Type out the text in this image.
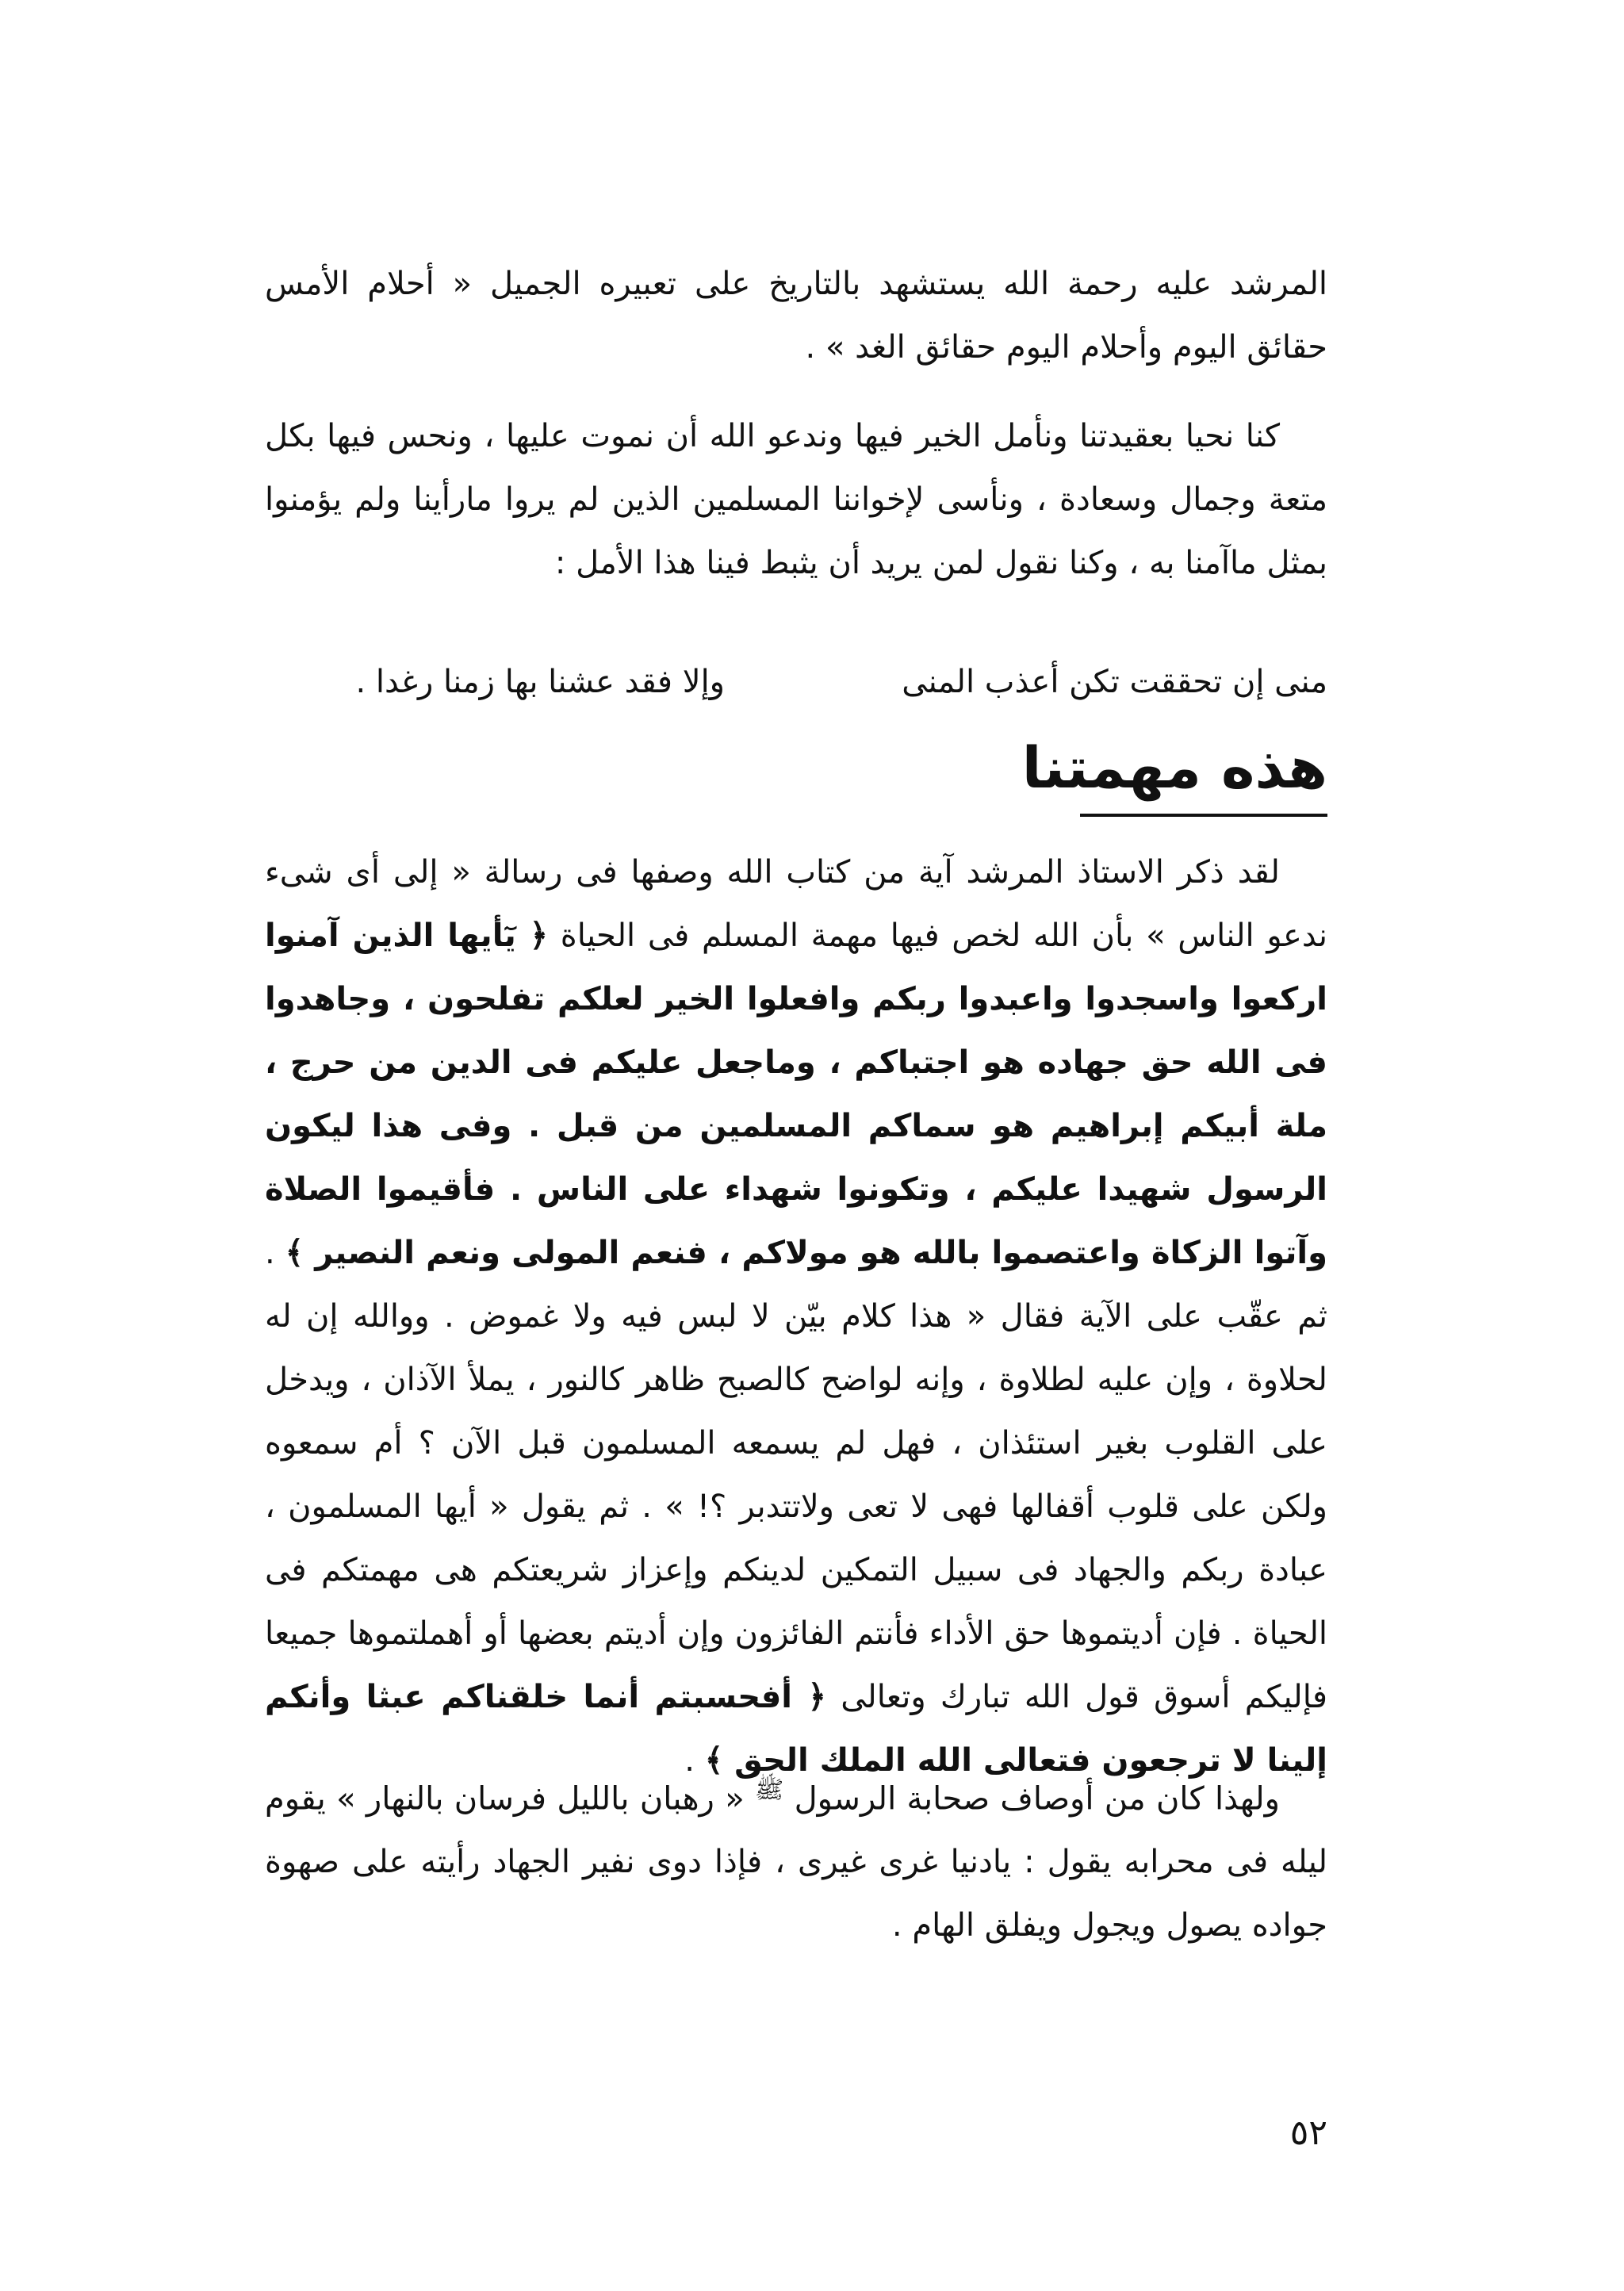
المرشد عليه رحمة الله يستشهد بالتاريخ على تعبيره الجميل « أحلام الأمس حقائق اليوم وأحلام اليوم حقائق الغد » .

كنا نحيا بعقيدتنا ونأمل الخير فيها وندعو الله أن نموت عليها ، ونحس فيها بكل متعة وجمال وسعادة ، ونأسى لإخواننا المسلمين الذين لم يروا مارأينا ولم يؤمنوا بمثل ماآمنا به ، وكنا نقول لمن يريد أن يثبط فينا هذا الأمل :

منى إن تحققت تكن أعذب المنى
وإلا فقد عشنا بها زمنا رغدا .
هذه مهمتنا

لقد ذكر الاستاذ المرشد آية من كتاب الله وصفها فى رسالة « إلى أى شىء ندعو الناس » بأن الله لخص فيها مهمة المسلم فى الحياة ﴿ يٓأيها الذين آمنوا اركعوا واسجدوا واعبدوا ربكم وافعلوا الخير لعلكم تفلحون ، وجاهدوا فى الله حق جهاده هو اجتباكم ، وماجعل عليكم فى الدين من حرج ، ملة أبيكم إبراهيم هو سماكم المسلمين من قبل . وفى هذا ليكون الرسول شهيدا عليكم ، وتكونوا شهداء على الناس . فأقيموا الصلاة وآتوا الزكاة واعتصموا بالله هو مولاكم ، فنعم المولى ونعم النصير ﴾ . ثم عقّب على الآية فقال « هذا كلام بيّن لا لبس فيه ولا غموض . ووالله إن له لحلاوة ، وإن عليه لطلاوة ، وإنه لواضح كالصبح ظاهر كالنور ، يملأ الآذان ، ويدخل على القلوب بغير استئذان ، فهل لم يسمعه المسلمون قبل الآن ؟ أم سمعوه ولكن على قلوب أقفالها فهى لا تعى ولاتتدبر ؟! » . ثم يقول « أيها المسلمون ، عبادة ربكم والجهاد فى سبيل التمكين لدينكم وإعزاز شريعتكم هى مهمتكم فى الحياة . فإن أديتموها حق الأداء فأنتم الفائزون وإن أديتم بعضها أو أهملتموها جميعا فإليكم أسوق قول الله تبارك وتعالى ﴿ أفحسبتم أنما خلقناكم عبثا وأنكم إلينا لا ترجعون فتعالى الله الملك الحق ﴾ .

ولهذا كان من أوصاف صحابة الرسول $^ﷺ$ « رهبان بالليل فرسان بالنهار » يقوم ليله فى محرابه يقول : يادنيا غرى غيرى ، فإذا دوى نفير الجهاد رأيته على صهوة جواده يصول ويجول ويفلق الهام .

٥٢
